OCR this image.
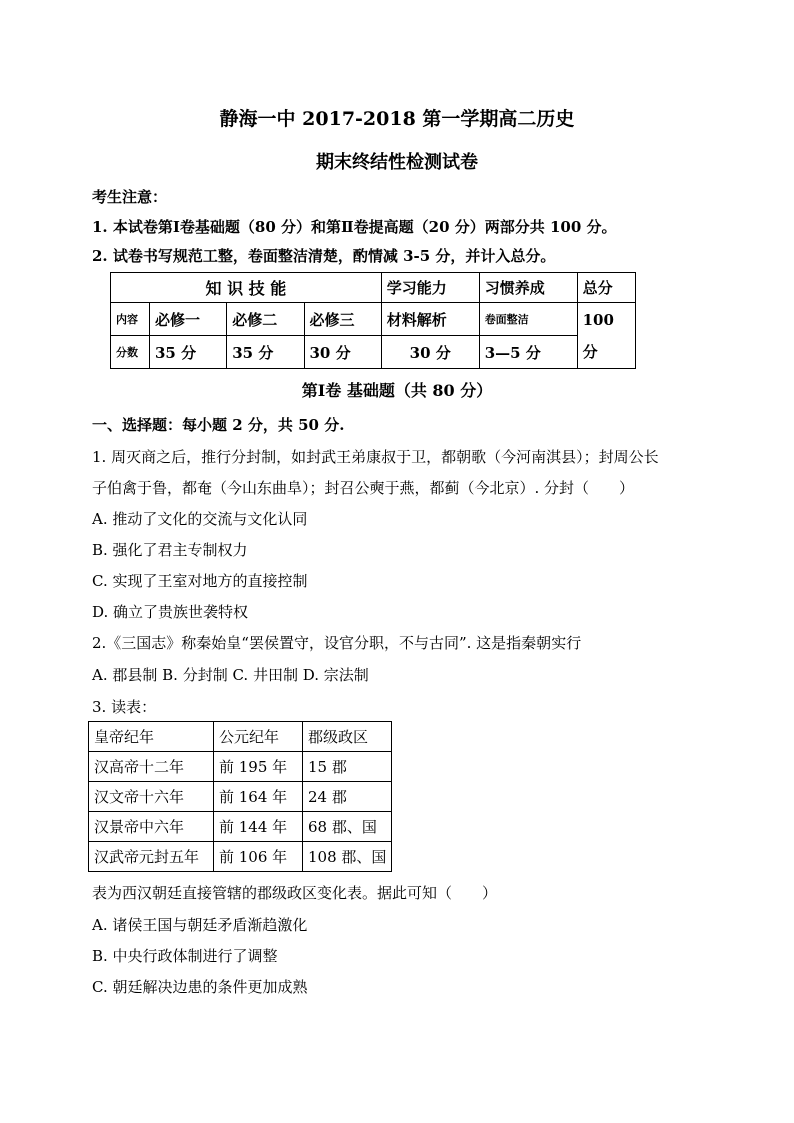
静海一中 2017-2018 第一学期高二历史
期末终结性检测试卷
考生注意：
1. 本试卷第Ⅰ卷基础题（80 分）和第Ⅱ卷提高题（20 分）两部分共 100 分。
2. 试卷书写规范工整，卷面整洁清楚，酌情减 3-5 分，并计入总分。
知 识 技 能				学习能力	习惯养成	总分
内容	必修一	必修二	必修三	材料解析	卷面整洁	100
分
分数	35 分	35 分	30 分	30 分	3—5 分	
第Ⅰ卷 基础题（共 80 分）
一、选择题：每小题 2 分，共 50 分.
1. 周灭商之后，推行分封制，如封武王弟康叔于卫，都朝歌（今河南淇县）；封周公长
子伯禽于鲁，都奄（今山东曲阜）；封召公奭于燕，都蓟（今北京）. 分封（　　）
A. 推动了文化的交流与文化认同
B. 强化了君主专制权力
C. 实现了王室对地方的直接控制
D. 确立了贵族世袭特权
2.《三国志》称秦始皇“罢侯置守，设官分职，不与古同”. 这是指秦朝实行
A. 郡县制 B. 分封制 C. 井田制 D. 宗法制
3. 读表：
皇帝纪年	公元纪年	郡级政区
汉高帝十二年	前 195 年	15 郡
汉文帝十六年	前 164 年	24 郡
汉景帝中六年	前 144 年	68 郡、国
汉武帝元封五年	前 106 年	108 郡、国
表为西汉朝廷直接管辖的郡级政区变化表。据此可知（　　）
A. 诸侯王国与朝廷矛盾渐趋激化
B. 中央行政体制进行了调整
C. 朝廷解决边患的条件更加成熟
